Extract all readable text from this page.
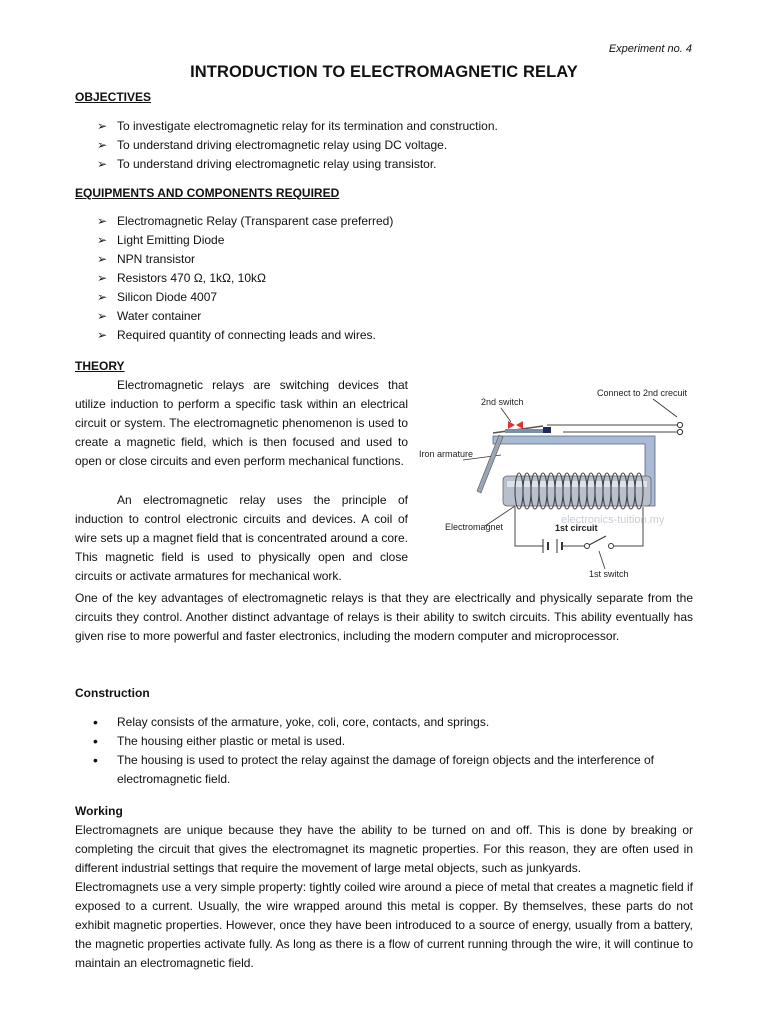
Experiment no. 4
INTRODUCTION TO ELECTROMAGNETIC RELAY
OBJECTIVES
➢ To investigate electromagnetic relay for its termination and construction.
➢ To understand driving electromagnetic relay using DC voltage.
➢ To understand driving electromagnetic relay using transistor.
EQUIPMENTS AND COMPONENTS REQUIRED
➢ Electromagnetic Relay (Transparent case preferred)
➢ Light Emitting Diode
➢ NPN transistor
➢ Resistors 470 Ω, 1kΩ, 10kΩ
➢ Silicon Diode 4007
➢ Water container
➢ Required quantity of connecting leads and wires.
THEORY

Electromagnetic relays are switching devices that utilize induction to perform a specific task within an electrical circuit or system. The electromagnetic phenomenon is used to create a magnetic field, which is then focused and used to open or close circuits and even perform mechanical functions.

An electromagnetic relay uses the principle of induction to control electronic circuits and devices. A coil of wire sets up a magnet field that is concentrated around a core. This magnetic field is used to physically open and close circuits or activate armatures for mechanical work.

One of the key advantages of electromagnetic relays is that they are electrically and physically separate from the circuits they control. Another distinct advantage of relays is their ability to switch circuits. This ability eventually has given rise to more powerful and faster electronics, including the modern computer and microprocessor.

Connect to 2nd crecuit
2nd switch
Iron armature
Electromagnet	1st circuit
1st switch
electronics-tuition.my
Construction
• Relay consists of the armature, yoke, coli, core, contacts, and springs.
• The housing either plastic or metal is used.
• The housing is used to protect the relay against the damage of foreign objects and the interference of electromagnetic field.
Working

Electromagnets are unique because they have the ability to be turned on and off. This is done by breaking or completing the circuit that gives the electromagnet its magnetic properties. For this reason, they are often used in different industrial settings that require the movement of large metal objects, such as junkyards.

Electromagnets use a very simple property: tightly coiled wire around a piece of metal that creates a magnetic field if exposed to a current. Usually, the wire wrapped around this metal is copper. By themselves, these parts do not exhibit magnetic properties. However, once they have been introduced to a source of energy, usually from a battery, the magnetic properties activate fully. As long as there is a flow of current running through the wire, it will continue to maintain an electromagnetic field.
